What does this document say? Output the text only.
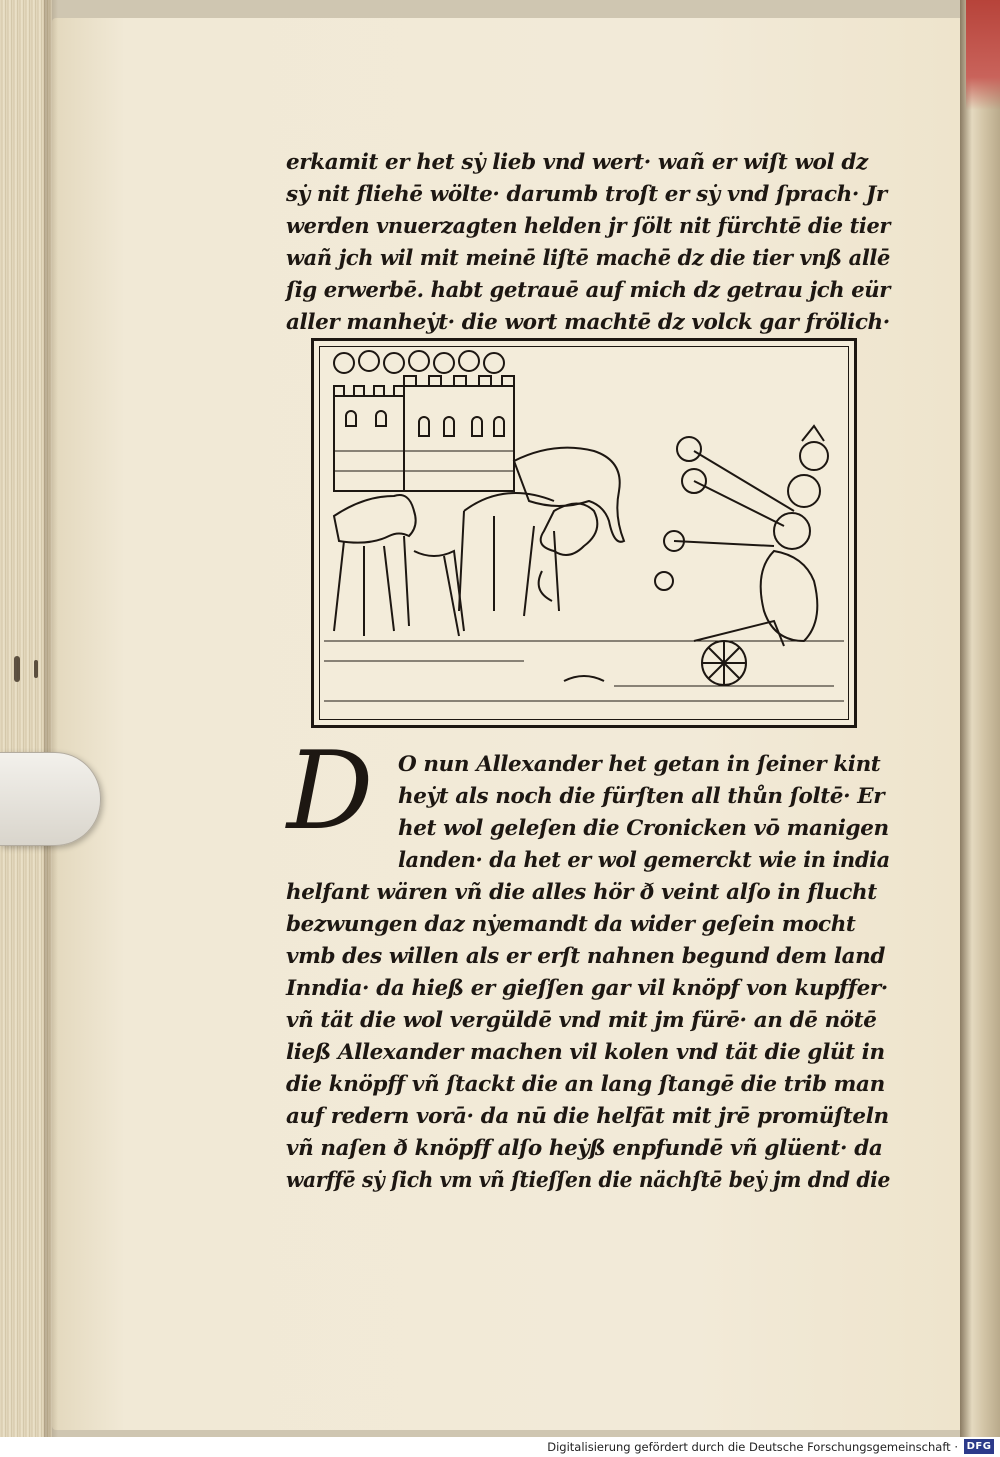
erkamit er het sẏ lieb vnd wert· wañ er wiſt wol dz
sẏ nit fliehē wölte· darumb troſt er sẏ vnd ſprach· Jr
werden vnuerzagten helden jr ſölt nit fürchtē die tier
wañ jch wil mit meinē liſtē machē dz die tier vnß allē
ſig erwerbē. habt getrauē auf mich dz getrau jch eür
aller manheẏt· die wort machtē dz volck gar frölich·
D O nun Allexander het getan in ſeiner kint
heẏt als noch die fürſten all thůn ſoltē· Er
het wol geleſen die Cronicken vō manigen
landen· da het er wol gemerckt wie in india
helfant wären vñ die alles hör ð veint alſo in flucht
bezwungen daz nẏemandt da wider geſein mocht
vmb des willen als er erſt nahnen begund dem land
Inndia· da hieß er gieſſen gar vil knöpf von kupffer·
vñ tät die wol vergüldē vnd mit jm fürē· an dē nötē
ließ Allexander machen vil kolen vnd tät die glüt in
die knöpff vñ ſtackt die an lang ſtangē die trib man
auf redern vorā· da nū die helfāt mit jrē promüſteln
vñ naſen ð knöpff alſo heẏß enpfundē vñ glüent· da
warffē sẏ ſich vm vñ ſtieſſen die nächſtē beẏ jm dnd die
Digitalisierung gefördert durch die Deutsche Forschungsgemeinschaft · DFG
